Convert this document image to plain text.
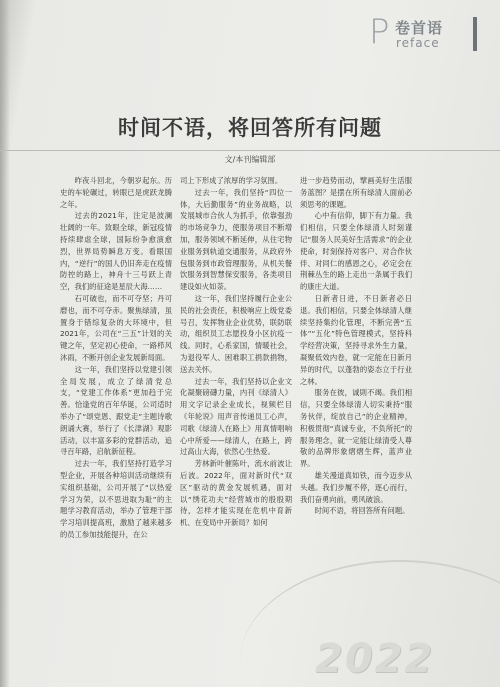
P 卷首语
reface
时间不语，将回答所有问题
文/本刊编辑部

昨夜斗回北，今朝岁起东。历史的车轮碾过，转眼已是虎跃龙腾之年。

过去的2021年，注定是波澜壮阔的一年。致眼全球，新冠疫情持续肆虐全球，国际纷争愈演愈烈，世界局势瞬息万变。看眼国内，“逆行”的国人仍旧奔走在疫情防控的路上，神舟十三号跃上青空，我们的征途是星辰大海……

石可破也，而不可夺坚；丹可磨也，而不可夺赤。聚焦绿清，虽置身于错综复杂的大环境中，但2021年，公司在“三五”计划的关键之年，坚定初心使命，一路栉风沐雨，不断开创企业发展新局面。

这一年，我们坚持以党建引领全局发展，成立了绿清党总支，“党建工作体系”更加趋于完善。恰逢党的百年华诞，公司适时举办了“颂党恩、跟党走”主题诗歌朗诵大赛，举行了《长津湖》观影活动，以丰富多彩的党群活动，追寻百年路，启航新征程。

过去一年，我们坚持打造学习型企业，开展各种培训活动继续有实组织基础，公司开展了“以热爱学习为荣，以不思进取为耻”的主题学习教育活动，举办了管理干部学习培训提高班，激励了越来越多的员工参加技能提升，在公

司上下形成了浓厚的学习氛围。

过去一年，我们坚持“四位一体，大后勤服务”的业务战略，以发展城市合伙人为抓手，依靠强劲的市场竞争力，使服务项目不断增加，服务领域不断延伸，从住宅物业服务到轨道交通服务，从政府外包服务到市政管理服务，从机关餐饮服务到智慧保安服务，各类项目建设如火如荼。

这一年，我们坚持履行企业公民的社会责任，积极响应上级党委号召，发挥物业企业优势，联防联动，组织员工志愿投身小区抗疫一线。同时，心系家国，情暖社会，为退役军人、困难职工捐款捐物，送去关怀。

过去一年，我们坚持以企业文化凝聚磅礴力量，内刊《绿清人》用文字记录企业成长，视频栏目《年轮说》用声音传递员工心声，司歌《绿清人在路上》用真情唱响心中所爱——绿清人，在路上，跨过高山大海，依然心生热爱。

芳林新叶催陈叶，流水前波让后波。2022年，面对新时代“双区”驱动的黄金发展机遇，面对以“绣花功夫”经营城市的殷殷期待，怎样才能实现在危机中育新机、在变局中开新局？如何

进一步趋势而动，擘画美好生活服务蓝图？是摆在所有绿清人面前必须思考的课题。

心中有信仰，脚下有力量。我们相信，只要全体绿清人时刻谨记“服务人民美好生活需求”的企业使命，时刻保持对客户、对合作伙伴、对同仁的感恩之心，必定会在荆棘丛生的路上走出一条属于我们的康庄大道。

日新者日进，不日新者必日退。我们相信，只要全体绿清人继续坚持集约化管理，不断完善“五体”“五化”特色管理模式，坚持科学经营决策，坚持寻求外生力量，凝聚低效内卷，就一定能在日新月异的时代，以蓬勃的姿态立于行业之林。

服务在彼，诚則不竭。我们相信，只要全体绿清人切实秉持“服务伙伴，绽放自己”的企业精神，积极贯彻“真诚专业，不负所托”的服务理念，就一定能让绿清受人尊敬的品牌形象熠熠生辉，蓝声业界。

雄关漫道真如铁，而今迈步从头越。我们步履不停，逐心而行，我们奋勇向前，勇风破浪。

时间不语，将回答所有问题。

2022
